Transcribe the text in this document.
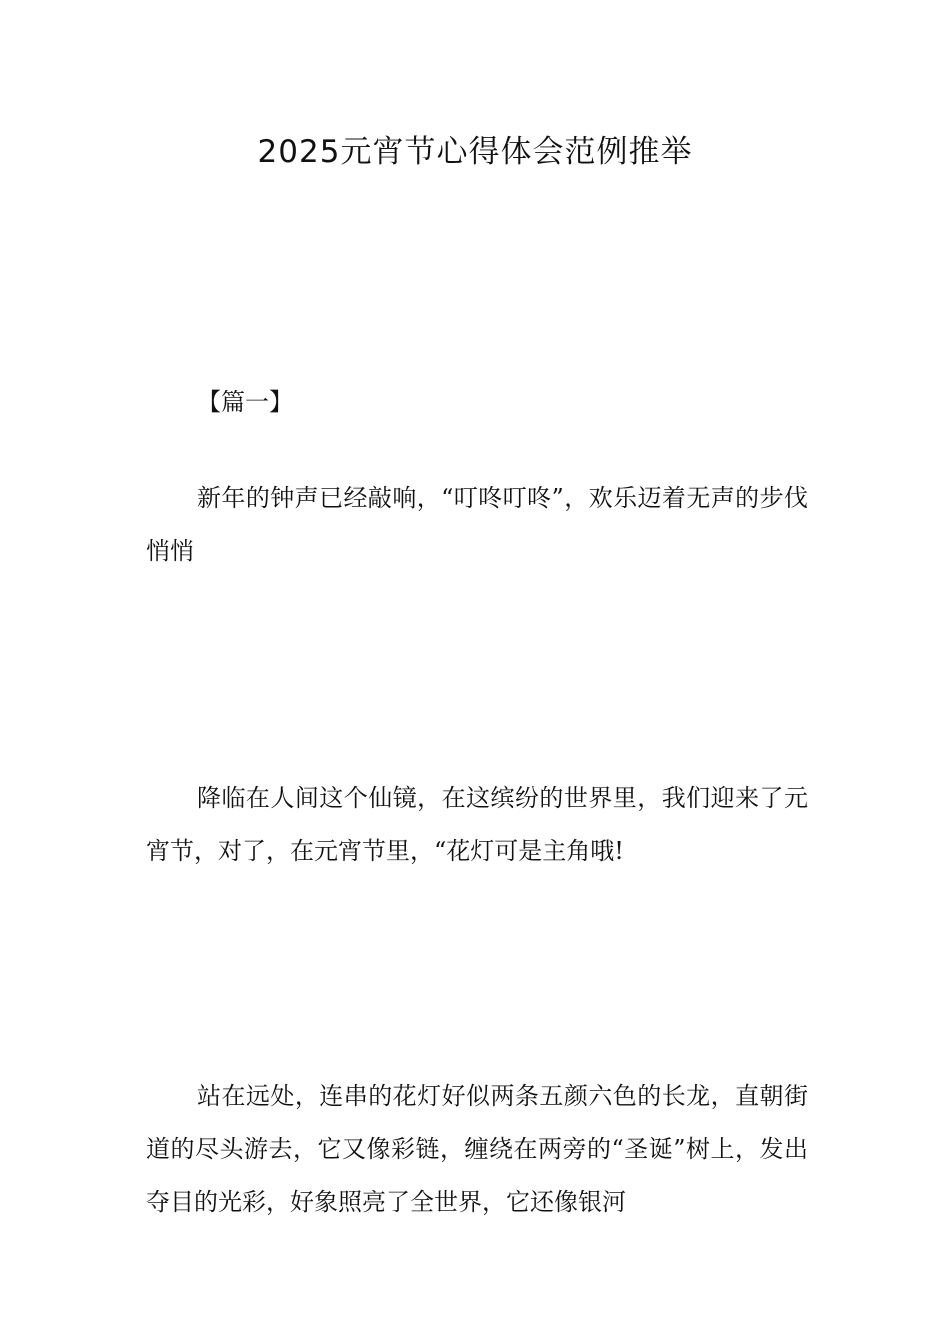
2025元宵节心得体会范例推举
【篇一】

新年的钟声已经敲响，“叮咚叮咚”，欢乐迈着无声的步伐悄悄

降临在人间这个仙镜，在这缤纷的世界里，我们迎来了元宵节，对了，在元宵节里，“花灯可是主角哦!

站在远处，连串的花灯好似两条五颜六色的长龙，直朝街道的尽头游去，它又像彩链，缠绕在两旁的“圣诞”树上，发出夺目的光彩，好象照亮了全世界，它还像银河
